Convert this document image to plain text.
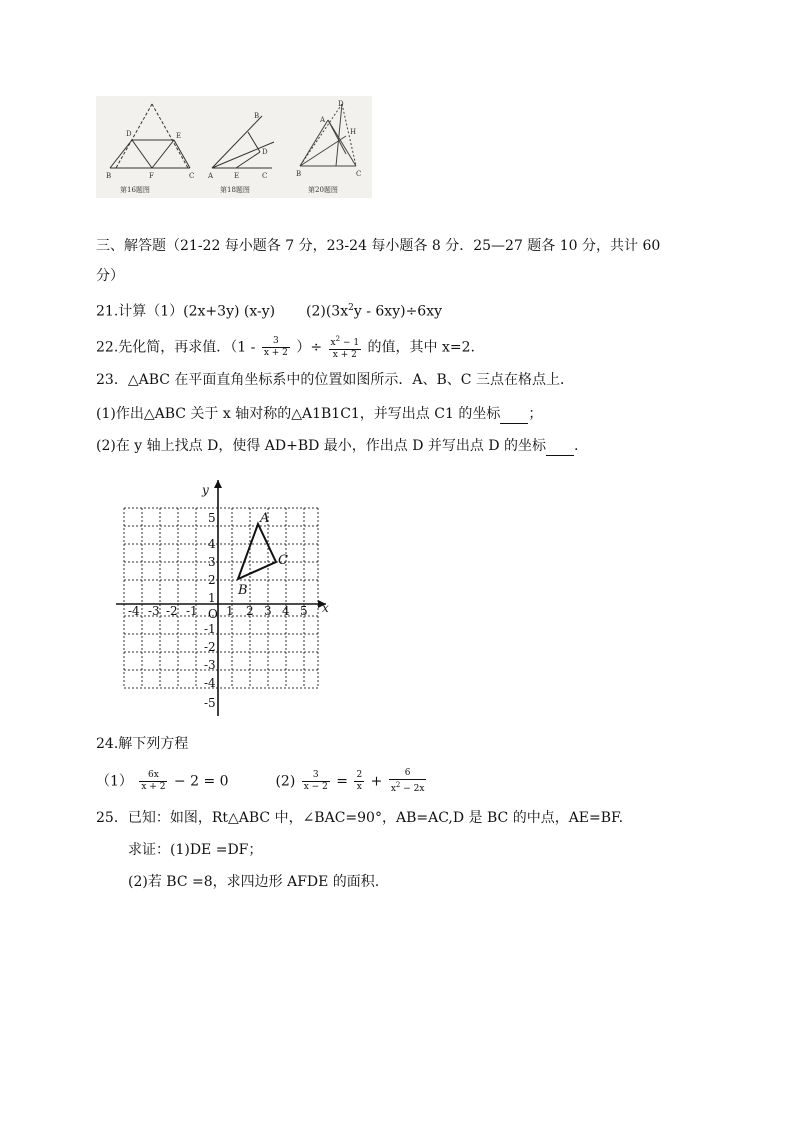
D	E
B	F	C
第16题图
B
D
A	E	C
第18题图
D
A
H
B	C
第20题图
三、解答题（21-22 每小题各 7 分，23-24 每小题各 8 分．25—27 题各 10 分，共计 60
分）
21.计算（1）(2x+3y) (x-y) $(2)(3x^2y - 6xy)\div 6xy$
22.先化简，再求值．（$1 - \frac{3}{x + 2}$ ）÷ $\frac{x^2 - 1}{x + 2}$ 的值，其中 x=2.
23．△ABC 在平面直角坐标系中的位置如图所示．A、B、C 三点在格点上．
(1)作出△ABC 关于 x 轴对称的△A1B1C1，并写出点 C1 的坐标 ；
(2)在 y 轴上找点 D，使得 AD+BD 最小，作出点 D 并写出点 D 的坐标 .
y
x
O 1 2 3 4 5
-4 -3 -2 -1
1
2
3
4
5
-1
-2
-3
-4
-5
A
B
C
24.解下列方程
$(1) \frac{6x}{x + 2} - 2 = 0$	$(2) \frac{3}{x - 2} = \frac{2}{x} + \frac{6}{x^2 - 2x}$
25．已知：如图，Rt△ABC 中，∠BAC=90°，AB=AC,D 是 BC 的中点，AE=BF.
求证：(1)DE =DF；
(2)若 BC =8，求四边形 AFDE 的面积.
